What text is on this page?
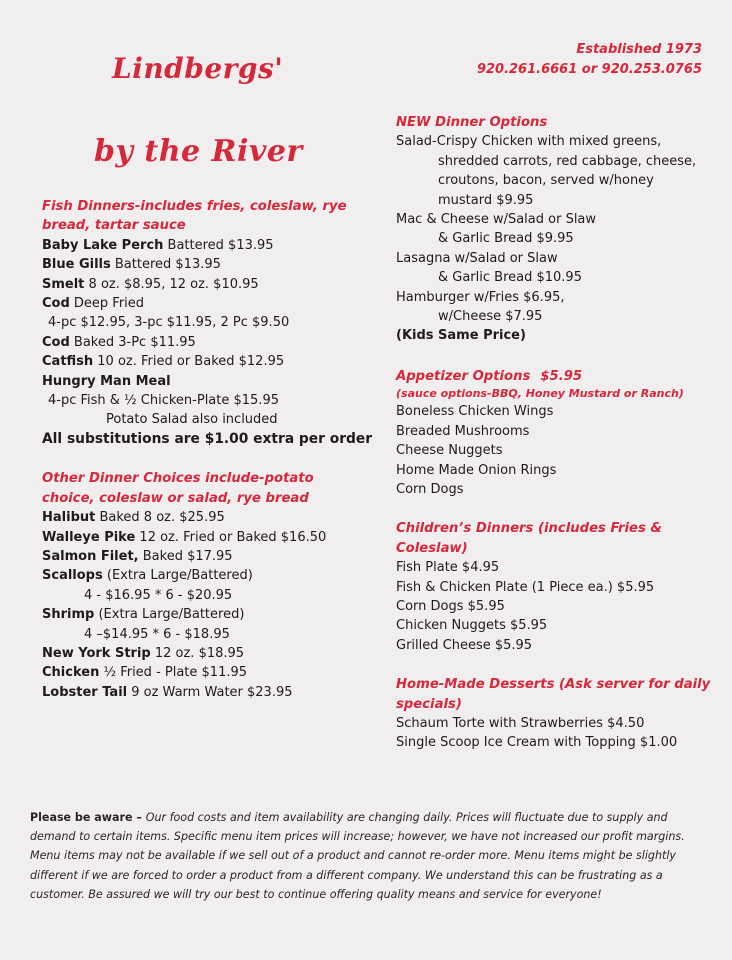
Lindbergs'
by the River
Established 1973
920.261.6661 or 920.253.0765
Fish Dinners-includes fries, coleslaw, rye
bread, tartar sauce
Baby Lake Perch Battered $13.95
Blue Gills Battered $13.95
Smelt 8 oz. $8.95, 12 oz. $10.95
Cod Deep Fried
4-pc $12.95, 3-pc $11.95, 2 Pc $9.50
Cod Baked 3-Pc $11.95
Catfish 10 oz. Fried or Baked $12.95
Hungry Man Meal
4-pc Fish & ½ Chicken-Plate $15.95
Potato Salad also included
All substitutions are $1.00 extra per order
Other Dinner Choices include-potato
choice, coleslaw or salad, rye bread
Halibut Baked 8 oz. $25.95
Walleye Pike 12 oz. Fried or Baked $16.50
Salmon Filet, Baked $17.95
Scallops (Extra Large/Battered)
4 - $16.95 * 6 - $20.95
Shrimp (Extra Large/Battered)
4 –$14.95 * 6 - $18.95
New York Strip 12 oz. $18.95
Chicken ½ Fried - Plate $11.95
Lobster Tail 9 oz Warm Water $23.95
NEW Dinner Options
Salad-Crispy Chicken with mixed greens,
shredded carrots, red cabbage, cheese,
croutons, bacon, served w/honey
mustard $9.95
Mac & Cheese w/Salad or Slaw
& Garlic Bread $9.95
Lasagna w/Salad or Slaw
& Garlic Bread $10.95
Hamburger w/Fries $6.95,
w/Cheese $7.95
(Kids Same Price)
Appetizer Options $5.95
(sauce options-BBQ, Honey Mustard or Ranch)
Boneless Chicken Wings
Breaded Mushrooms
Cheese Nuggets
Home Made Onion Rings
Corn Dogs
Children’s Dinners (includes Fries &
Coleslaw)
Fish Plate $4.95
Fish & Chicken Plate (1 Piece ea.) $5.95
Corn Dogs $5.95
Chicken Nuggets $5.95
Grilled Cheese $5.95
Home-Made Desserts (Ask server for daily
specials)
Schaum Torte with Strawberries $4.50
Single Scoop Ice Cream with Topping $1.00
Please be aware – Our food costs and item availability are changing daily. Prices will fluctuate due to supply and demand to certain items. Specific menu item prices will increase; however, we have not increased our profit margins. Menu items may not be available if we sell out of a product and cannot re-order more. Menu items might be slightly different if we are forced to order a product from a different company. We understand this can be frustrating as a customer. Be assured we will try our best to continue offering quality means and service for everyone!
